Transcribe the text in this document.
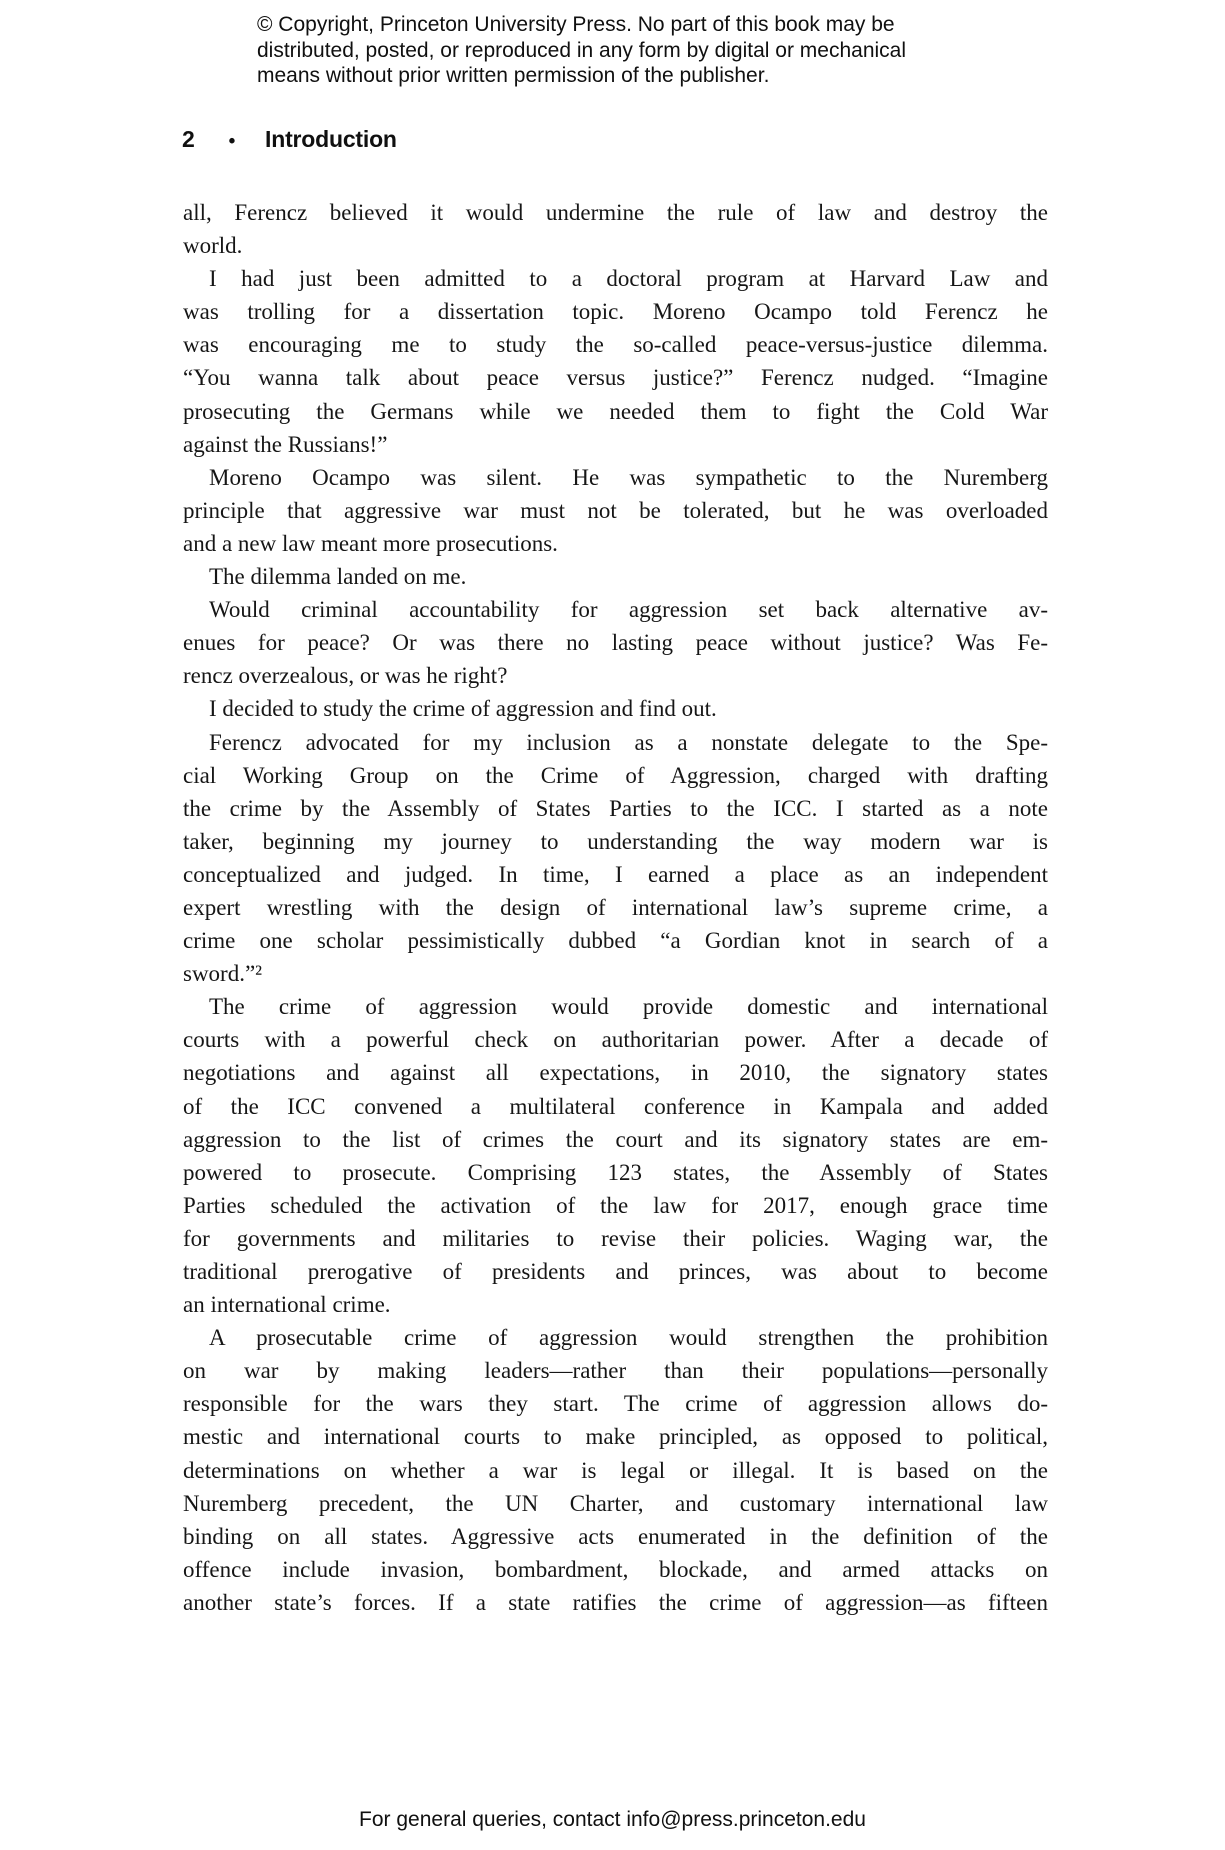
© Copyright, Princeton University Press. No part of this book may be
distributed, posted, or reproduced in any form by digital or mechanical
means without prior written permission of the publisher.
2 • Introduction
all, Ferencz believed it would undermine the rule of law and destroy the
world.
I had just been admitted to a doctoral program at Harvard Law and
was trolling for a dissertation topic. Moreno Ocampo told Ferencz he
was encouraging me to study the so-called peace-versus-justice dilemma.
“You wanna talk about peace versus justice?” Ferencz nudged. “Imagine
prosecuting the Germans while we needed them to fight the Cold War
against the Russians!”
Moreno Ocampo was silent. He was sympathetic to the Nuremberg
principle that aggressive war must not be tolerated, but he was overloaded
and a new law meant more prosecutions.
The dilemma landed on me.
Would criminal accountability for aggression set back alternative av-
enues for peace? Or was there no lasting peace without justice? Was Fe-
rencz overzealous, or was he right?
I decided to study the crime of aggression and find out.
Ferencz advocated for my inclusion as a nonstate delegate to the Spe-
cial Working Group on the Crime of Aggression, charged with drafting
the crime by the Assembly of States Parties to the ICC. I started as a note
taker, beginning my journey to understanding the way modern war is
conceptualized and judged. In time, I earned a place as an independent
expert wrestling with the design of international law’s supreme crime, a
crime one scholar pessimistically dubbed “a Gordian knot in search of a
sword.”²
The crime of aggression would provide domestic and international
courts with a powerful check on authoritarian power. After a decade of
negotiations and against all expectations, in 2010, the signatory states
of the ICC convened a multilateral conference in Kampala and added
aggression to the list of crimes the court and its signatory states are em-
powered to prosecute. Comprising 123 states, the Assembly of States
Parties scheduled the activation of the law for 2017, enough grace time
for governments and militaries to revise their policies. Waging war, the
traditional prerogative of presidents and princes, was about to become
an international crime.
A prosecutable crime of aggression would strengthen the prohibition
on war by making leaders—rather than their populations—personally
responsible for the wars they start. The crime of aggression allows do-
mestic and international courts to make principled, as opposed to political,
determinations on whether a war is legal or illegal. It is based on the
Nuremberg precedent, the UN Charter, and customary international law
binding on all states. Aggressive acts enumerated in the definition of the
offence include invasion, bombardment, blockade, and armed attacks on
another state’s forces. If a state ratifies the crime of aggression—as fifteen
For general queries, contact info@press.princeton.edu
